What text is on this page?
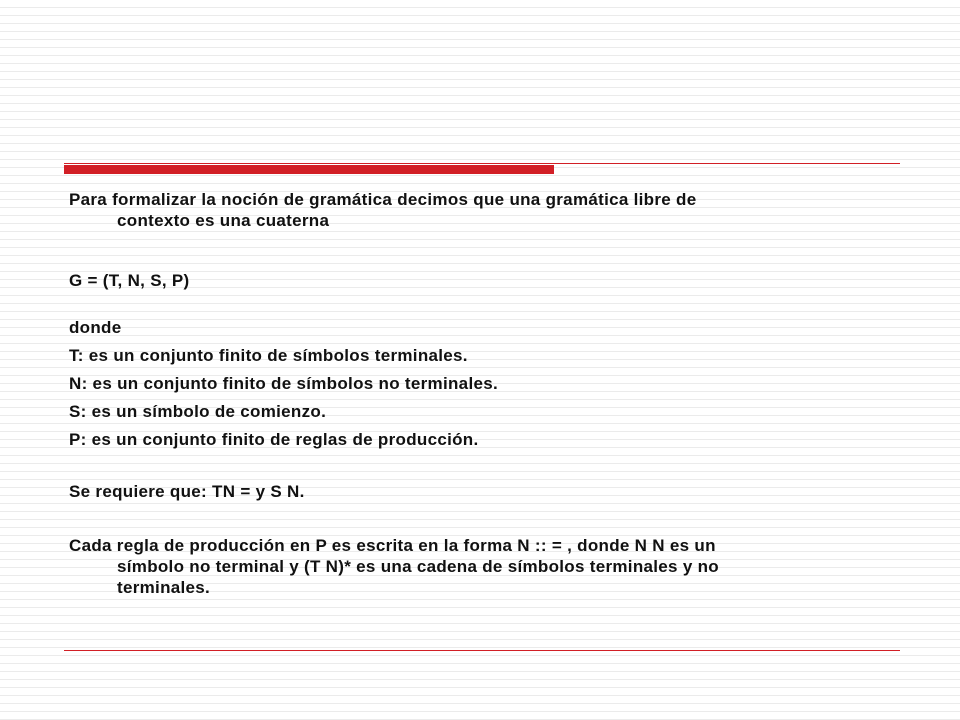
Para formalizar la noción de gramática decimos que una gramática libre de
contexto es una cuaterna

G = (T, N, S, P)

donde

T: es un conjunto finito de símbolos terminales.

N: es un conjunto finito de símbolos no terminales.

S: es un símbolo de comienzo.

P: es un conjunto finito de reglas de producción.

Se requiere que: TN = y S N.

Cada regla de producción en P es escrita en la forma N :: = , donde N N es un
símbolo no terminal y (T N)* es una cadena de símbolos terminales y no
terminales.
